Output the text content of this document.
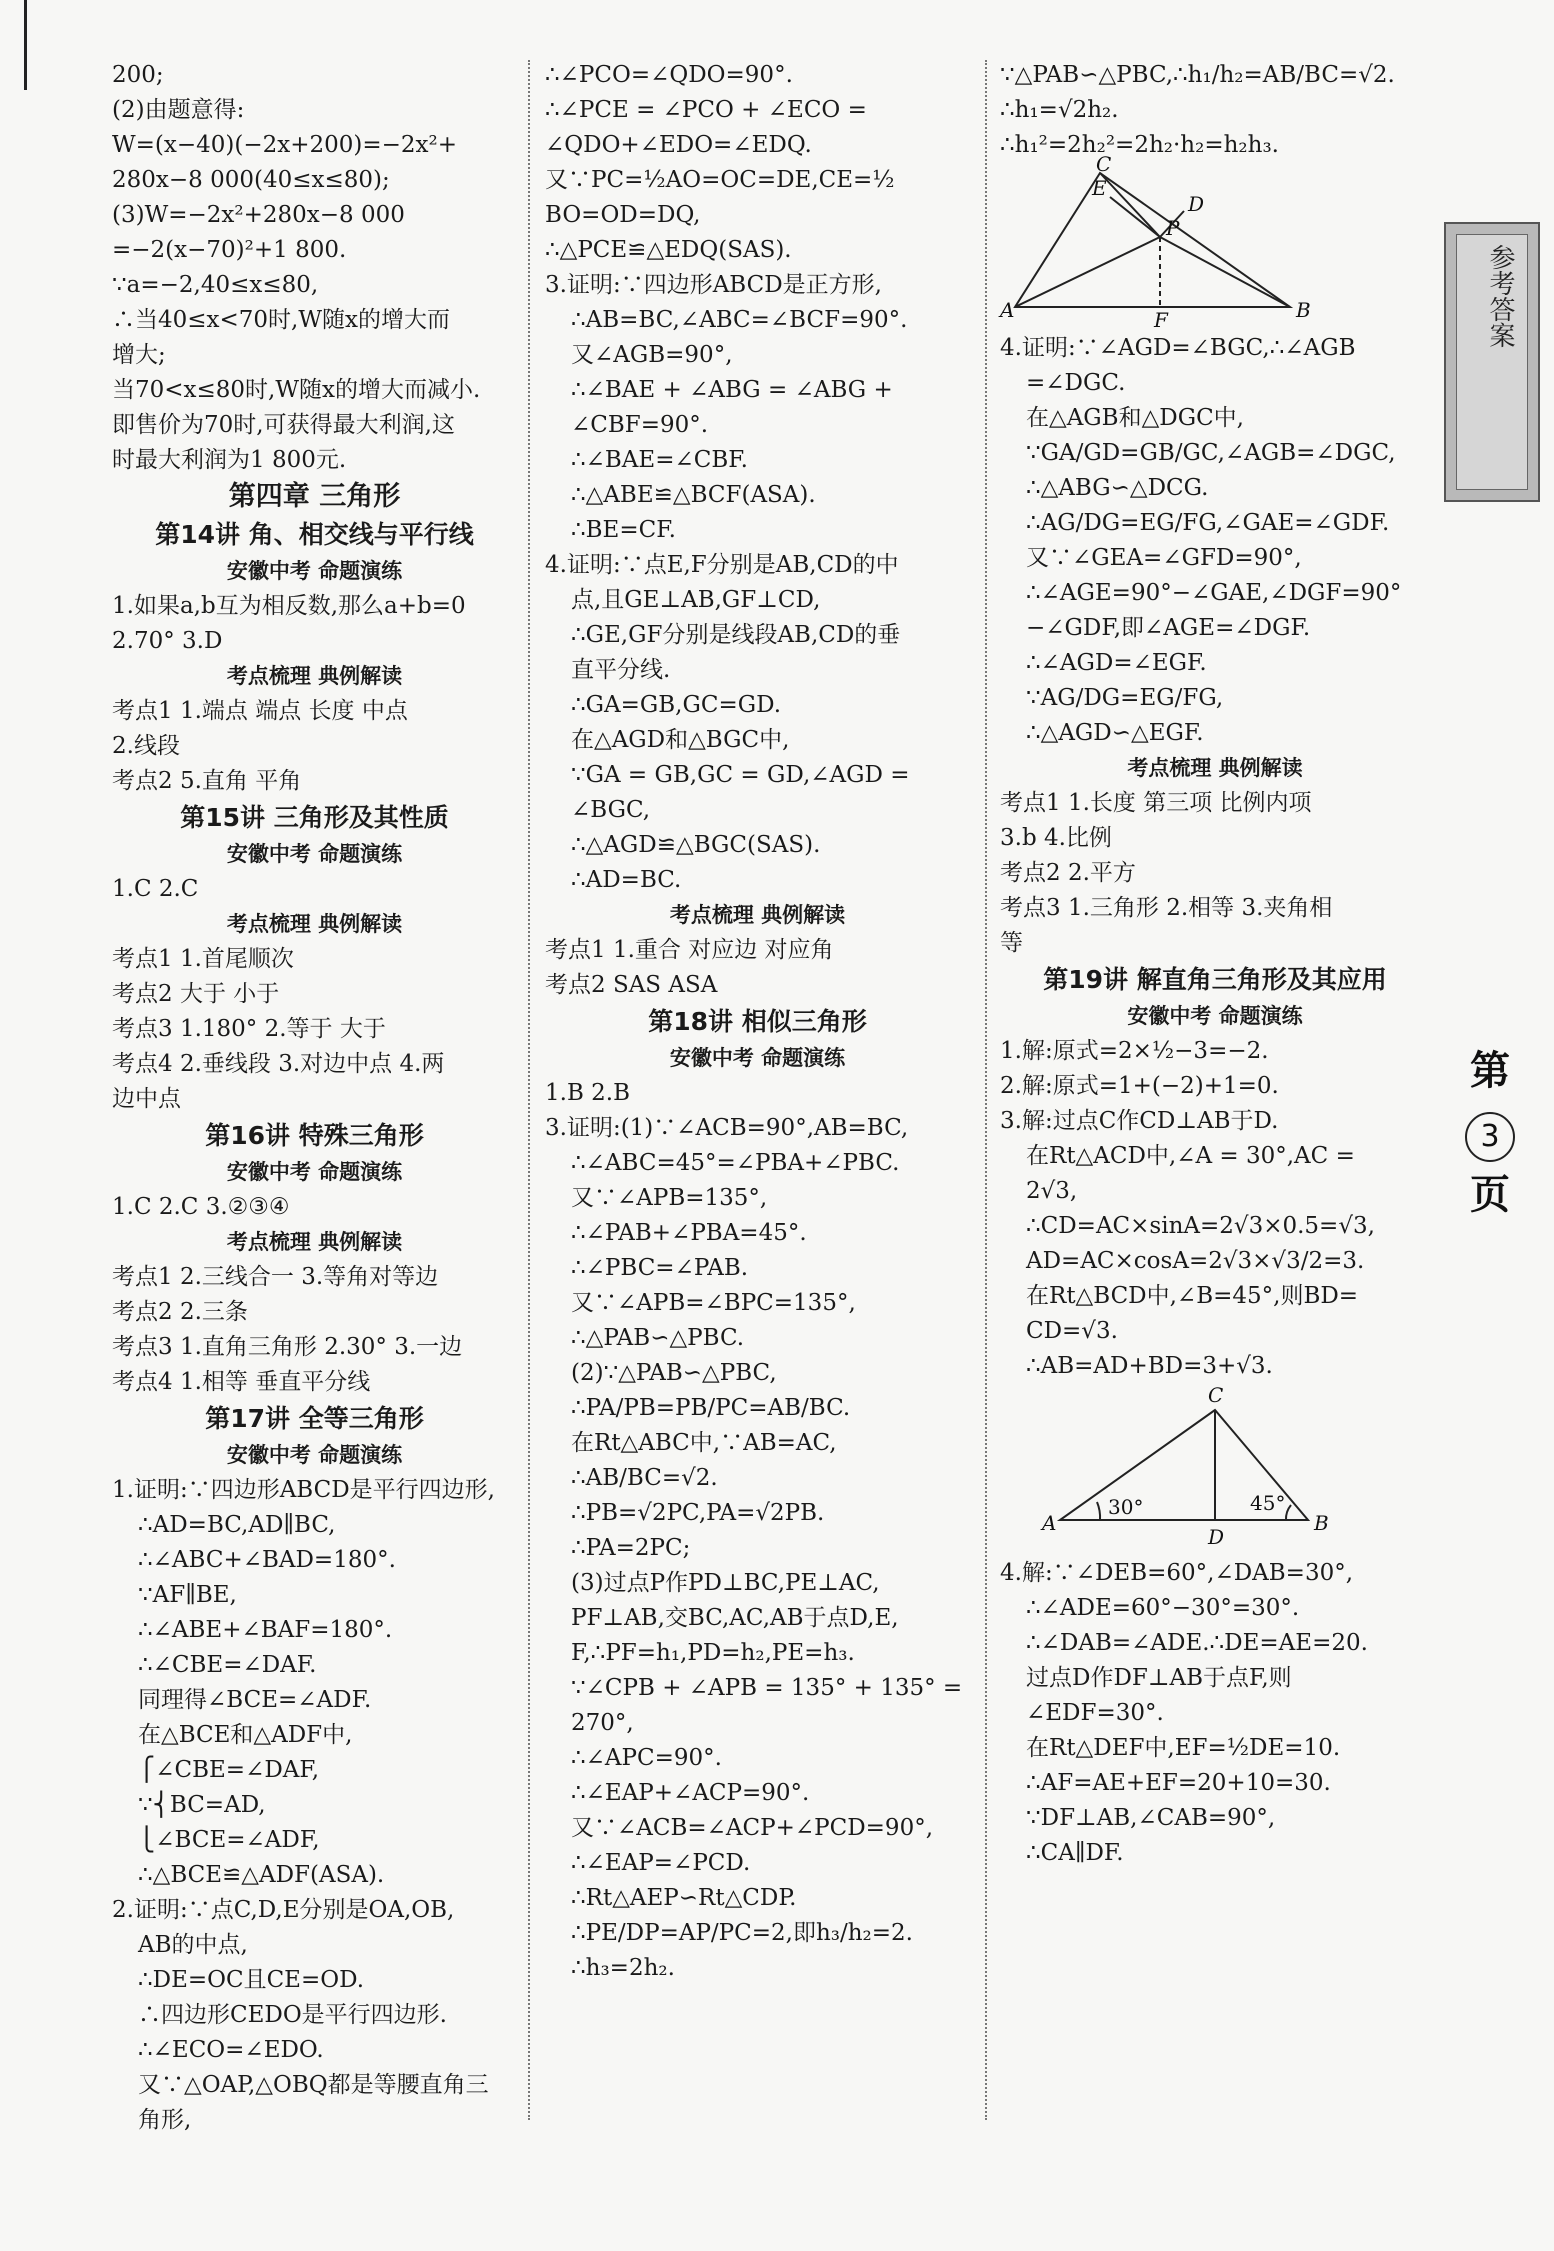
200;
(2)由题意得:
W=(x−40)(−2x+200)=−2x²+
280x−8 000(40≤x≤80);
(3)W=−2x²+280x−8 000
=−2(x−70)²+1 800.
∵a=−2,40≤x≤80,
∴当40≤x<70时,W随x的增大而
增大;
当70<x≤80时,W随x的增大而减小.
即售价为70时,可获得最大利润,这
时最大利润为1 800元.
第四章 三角形
第14讲 角、相交线与平行线
安徽中考 命题演练
1.如果a,b互为相反数,那么a+b=0
2.70° 3.D
考点梳理 典例解读
考点1 1.端点 端点 长度 中点
2.线段
考点2 5.直角 平角
第15讲 三角形及其性质
安徽中考 命题演练
1.C 2.C
考点梳理 典例解读
考点1 1.首尾顺次
考点2 大于 小于
考点3 1.180° 2.等于 大于
考点4 2.垂线段 3.对边中点 4.两
边中点
第16讲 特殊三角形
安徽中考 命题演练
1.C 2.C 3.②③④
考点梳理 典例解读
考点1 2.三线合一 3.等角对等边
考点2 2.三条
考点3 1.直角三角形 2.30° 3.一边
考点4 1.相等 垂直平分线
第17讲 全等三角形
安徽中考 命题演练
1.证明:∵四边形ABCD是平行四边形,
∴AD=BC,AD∥BC,
∴∠ABC+∠BAD=180°.
∵AF∥BE,
∴∠ABE+∠BAF=180°.
∴∠CBE=∠DAF.
同理得∠BCE=∠ADF.
在△BCE和△ADF中,
⎧∠CBE=∠DAF,
∵⎨BC=AD,
⎩∠BCE=∠ADF,
∴△BCE≌△ADF(ASA).
2.证明:∵点C,D,E分别是OA,OB,
AB的中点,
∴DE=OC且CE=OD.
∴四边形CEDO是平行四边形.
∴∠ECO=∠EDO.
又∵△OAP,△OBQ都是等腰直角三
角形,
∴∠PCO=∠QDO=90°.
∴∠PCE = ∠PCO + ∠ECO =
∠QDO+∠EDO=∠EDQ.
又∵PC=½AO=OC=DE,CE=½
BO=OD=DQ,
∴△PCE≌△EDQ(SAS).
3.证明:∵四边形ABCD是正方形,
∴AB=BC,∠ABC=∠BCF=90°.
又∠AGB=90°,
∴∠BAE + ∠ABG = ∠ABG +
∠CBF=90°.
∴∠BAE=∠CBF.
∴△ABE≌△BCF(ASA).
∴BE=CF.
4.证明:∵点E,F分别是AB,CD的中
点,且GE⊥AB,GF⊥CD,
∴GE,GF分别是线段AB,CD的垂
直平分线.
∴GA=GB,GC=GD.
在△AGD和△BGC中,
∵GA = GB,GC = GD,∠AGD =
∠BGC,
∴△AGD≌△BGC(SAS).
∴AD=BC.
考点梳理 典例解读
考点1 1.重合 对应边 对应角
考点2 SAS ASA
第18讲 相似三角形
安徽中考 命题演练
1.B 2.B
3.证明:(1)∵∠ACB=90°,AB=BC,
∴∠ABC=45°=∠PBA+∠PBC.
又∵∠APB=135°,
∴∠PAB+∠PBA=45°.
∴∠PBC=∠PAB.
又∵∠APB=∠BPC=135°,
∴△PAB∽△PBC.
(2)∵△PAB∽△PBC,
∴PA/PB=PB/PC=AB/BC.
在Rt△ABC中,∵AB=AC,
∴AB/BC=√2.
∴PB=√2PC,PA=√2PB.
∴PA=2PC;
(3)过点P作PD⊥BC,PE⊥AC,
PF⊥AB,交BC,AC,AB于点D,E,
F,∴PF=h₁,PD=h₂,PE=h₃.
∵∠CPB + ∠APB = 135° + 135° =
270°,
∴∠APC=90°.
∴∠EAP+∠ACP=90°.
又∵∠ACB=∠ACP+∠PCD=90°,
∴∠EAP=∠PCD.
∴Rt△AEP∽Rt△CDP.
∴PE/DP=AP/PC=2,即h₃/h₂=2.
∴h₃=2h₂.
∵△PAB∽△PBC,∴h₁/h₂=AB/BC=√2.
∴h₁=√2h₂.
∴h₁²=2h₂²=2h₂·h₂=h₂h₃.
C
E
D
P
A	F	B
4.证明:∵∠AGD=∠BGC,∴∠AGB
=∠DGC.
在△AGB和△DGC中,
∵GA/GD=GB/GC,∠AGB=∠DGC,
∴△ABG∽△DCG.
∴AG/DG=EG/FG,∠GAE=∠GDF.
又∵∠GEA=∠GFD=90°,
∴∠AGE=90°−∠GAE,∠DGF=90°
−∠GDF,即∠AGE=∠DGF.
∴∠AGD=∠EGF.
∵AG/DG=EG/FG,
∴△AGD∽△EGF.
考点梳理 典例解读
考点1 1.长度 第三项 比例内项
3.b 4.比例
考点2 2.平方
考点3 1.三角形 2.相等 3.夹角相
等
第19讲 解直角三角形及其应用
安徽中考 命题演练
1.解:原式=2×½−3=−2.
2.解:原式=1+(−2)+1=0.
3.解:过点C作CD⊥AB于D.
在Rt△ACD中,∠A = 30°,AC =
2√3,
∴CD=AC×sinA=2√3×0.5=√3,
AD=AC×cosA=2√3×√3/2=3.
在Rt△BCD中,∠B=45°,则BD=
CD=√3.
∴AB=AD+BD=3+√3.
C
A
D
B
30°	45°
4.解:∵∠DEB=60°,∠DAB=30°,
∴∠ADE=60°−30°=30°.
∴∠DAB=∠ADE.∴DE=AE=20.
过点D作DF⊥AB于点F,则
∠EDF=30°.
在Rt△DEF中,EF=½DE=10.
∴AF=AE+EF=20+10=30.
∵DF⊥AB,∠CAB=90°,
∴CA∥DF.
参考答案
第
3
页
